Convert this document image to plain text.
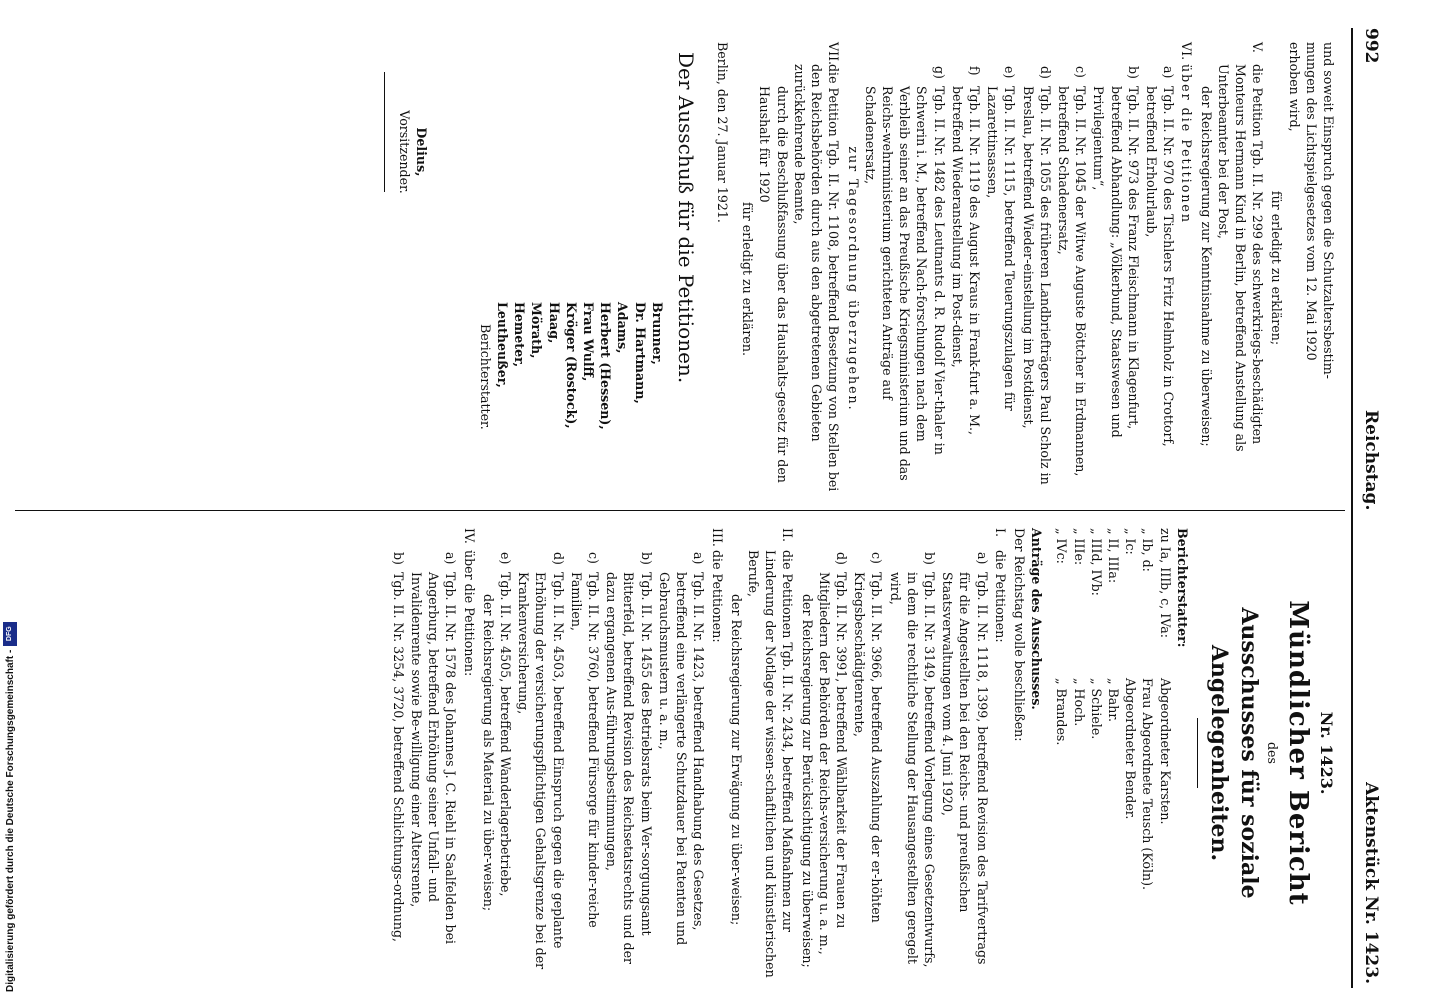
992
Reichstag.
Aktenstück Nr. 1423.

und soweit Einspruch gegen die Schutzaltersbestim-

mungen des Lichtspielgesetzes vom 12. Mai 1920

erhoben wird,

für erledigt zu erklären;

V.die Petition Tgb. II. Nr. 299 des schwerkriegs-beschädigten Monteurs Hermann Kind in Berlin, betreffend Anstellung als Unterbeamter bei der Post,

der Reichsregierung zur Kenntnisnahme zu überweisen;

VI.über die Petitionen
a)Tgb. II. Nr. 970 des Tischlers Fritz Helmholz in Crottorf, betreffend Erholurlaub,
b)Tgb. II. Nr. 973 des Franz Fleischmann in Klagenfurt, betreffend Abhandlung: „Völkerbund, Staatswesen und Privilegientum“,
c)Tgb. II. Nr. 1045 der Witwe Auguste Böttcher in Erdmannen, betreffend Schadenersatz,
d)Tgb. II. Nr. 1055 des früheren Landbriefträgers Paul Scholz in Breslau, betreffend Wieder-einstellung im Postdienst,
e)Tgb. II. Nr. 1115, betreffend Teuerungszulagen für Lazarettinsassen,
f)Tgb. II. Nr. 1119 des August Kraus in Frank-furt a. M., betreffend Wiederanstellung im Post-dienst,
g)Tgb. II. Nr. 1482 des Leutnants d. R. Rudolf Vier-thaler in Schwerin i. M., betreffend Nach-forschungen nach dem Verbleib seiner an das Preußische Kriegsministerium und das Reichs-wehrministerium gerichteten Anträge auf Schadenersatz,

zur Tagesordnung überzugehen.

VII.die Petition Tgb. II. Nr. 1108, betreffend Besetzung von Stellen bei den Reichsbehörden durch aus den abgetretenen Gebieten zurückkehrende Beamte,

durch die Beschlußfassung über das Haushalts-gesetz für den Haushalt für 1920

für erledigt zu erklären.

Berlin, den 27. Januar 1921.

Der Ausschuß für die Petitionen.

Delius,

Vorsitzender.

Brunner,

Dr. Hartmann,

Adams,

Herbert (Hessen),

Frau Wulff,

Kröger (Rostock),

Haag,

Mörath,

Hemeter,

Leutheußer,

Berichterstatter.

Nr. 1423.

Mündlicher Bericht

des

Ausschusses für soziale Angelegenheiten.

Berichterstatter:

zu Ia, IIIb, c, IVa:
Abgeordneter Karsten.
„ Ib, d:
Frau Abgeordnete Teusch (Köln).
„ Ic:
Abgeordneter Bender.
„ II, IIIa:
„ Bahr.
„ IIId, IVb:
„ Schiele.
„ IIIe:
„ Hoch.
„ IVc:
„ Brandes.

Anträge des Ausschusses.

Der Reichstag wolle beschließen:

I.die Petitionen:
a)Tgb. II. Nr. 1118, 1399, betreffend Revision des Tarifvertrags für die Angestellten bei den Reichs- und preußischen Staatsverwaltungen vom 4. Juni 1920,
b)Tgb. II. Nr. 3149, betreffend Vorlegung eines Gesetzentwurfs, in dem die rechtliche Stellung der Hausangestellten geregelt wird,
c)Tgb. II. Nr. 3966, betreffend Auszahlung der er-höhten Kriegsbeschädigtenrente,
d)Tgb. II. Nr. 3991, betreffend Wählbarkeit der Frauen zu Mitgliedern der Behörden der Reichs-versicherung u. a. m.,

der Reichsregierung zur Berücksichtigung zu überweisen;

II.die Petitionen Tgb. II. Nr. 2434, betreffend Maßnahmen zur Linderung der Notlage der wissen-schaftlichen und künstlerischen Berufe,

der Reichsregierung zur Erwägung zu über-weisen;

III.die Petitionen:
a)Tgb. II. Nr. 1423, betreffend Handhabung des Gesetzes, betreffend eine verlängerte Schutzdauer bei Patenten und Gebrauchsmustern u. a. m.,
b)Tgb. II. Nr. 1455 des Betriebsrats beim Ver-sorgungsamt Bitterfeld, betreffend Revision des Reichsetatsrechts und der dazu ergangenen Aus-führungsbestimmungen,
c)Tgb. II. Nr. 3760, betreffend Fürsorge für kinder-reiche Familien,
d)Tgb. II. Nr. 4503, betreffend Einspruch gegen die geplante Erhöhung der versicherungspflichtigen Gehaltsgrenze bei der Krankenversicherung,
e)Tgb. II. Nr. 4505, betreffend Wanderlagerbetriebe,

der Reichsregierung als Material zu über-weisen;

IV.über die Petitionen:
a)Tgb. II. Nr. 1578 des Johannes J. C. Riehl in Saalfelden bei Angerburg, betreffend Erhöhung seiner Unfall- und Invalidenrente sowie Be-willigung einer Altersrente,
b)Tgb. II. Nr. 3254, 3720, betreffend Schlichtungs-ordnung,
Digitalisierung gefördert durch die Deutsche Forschungsgemeinschaft -
DFG
